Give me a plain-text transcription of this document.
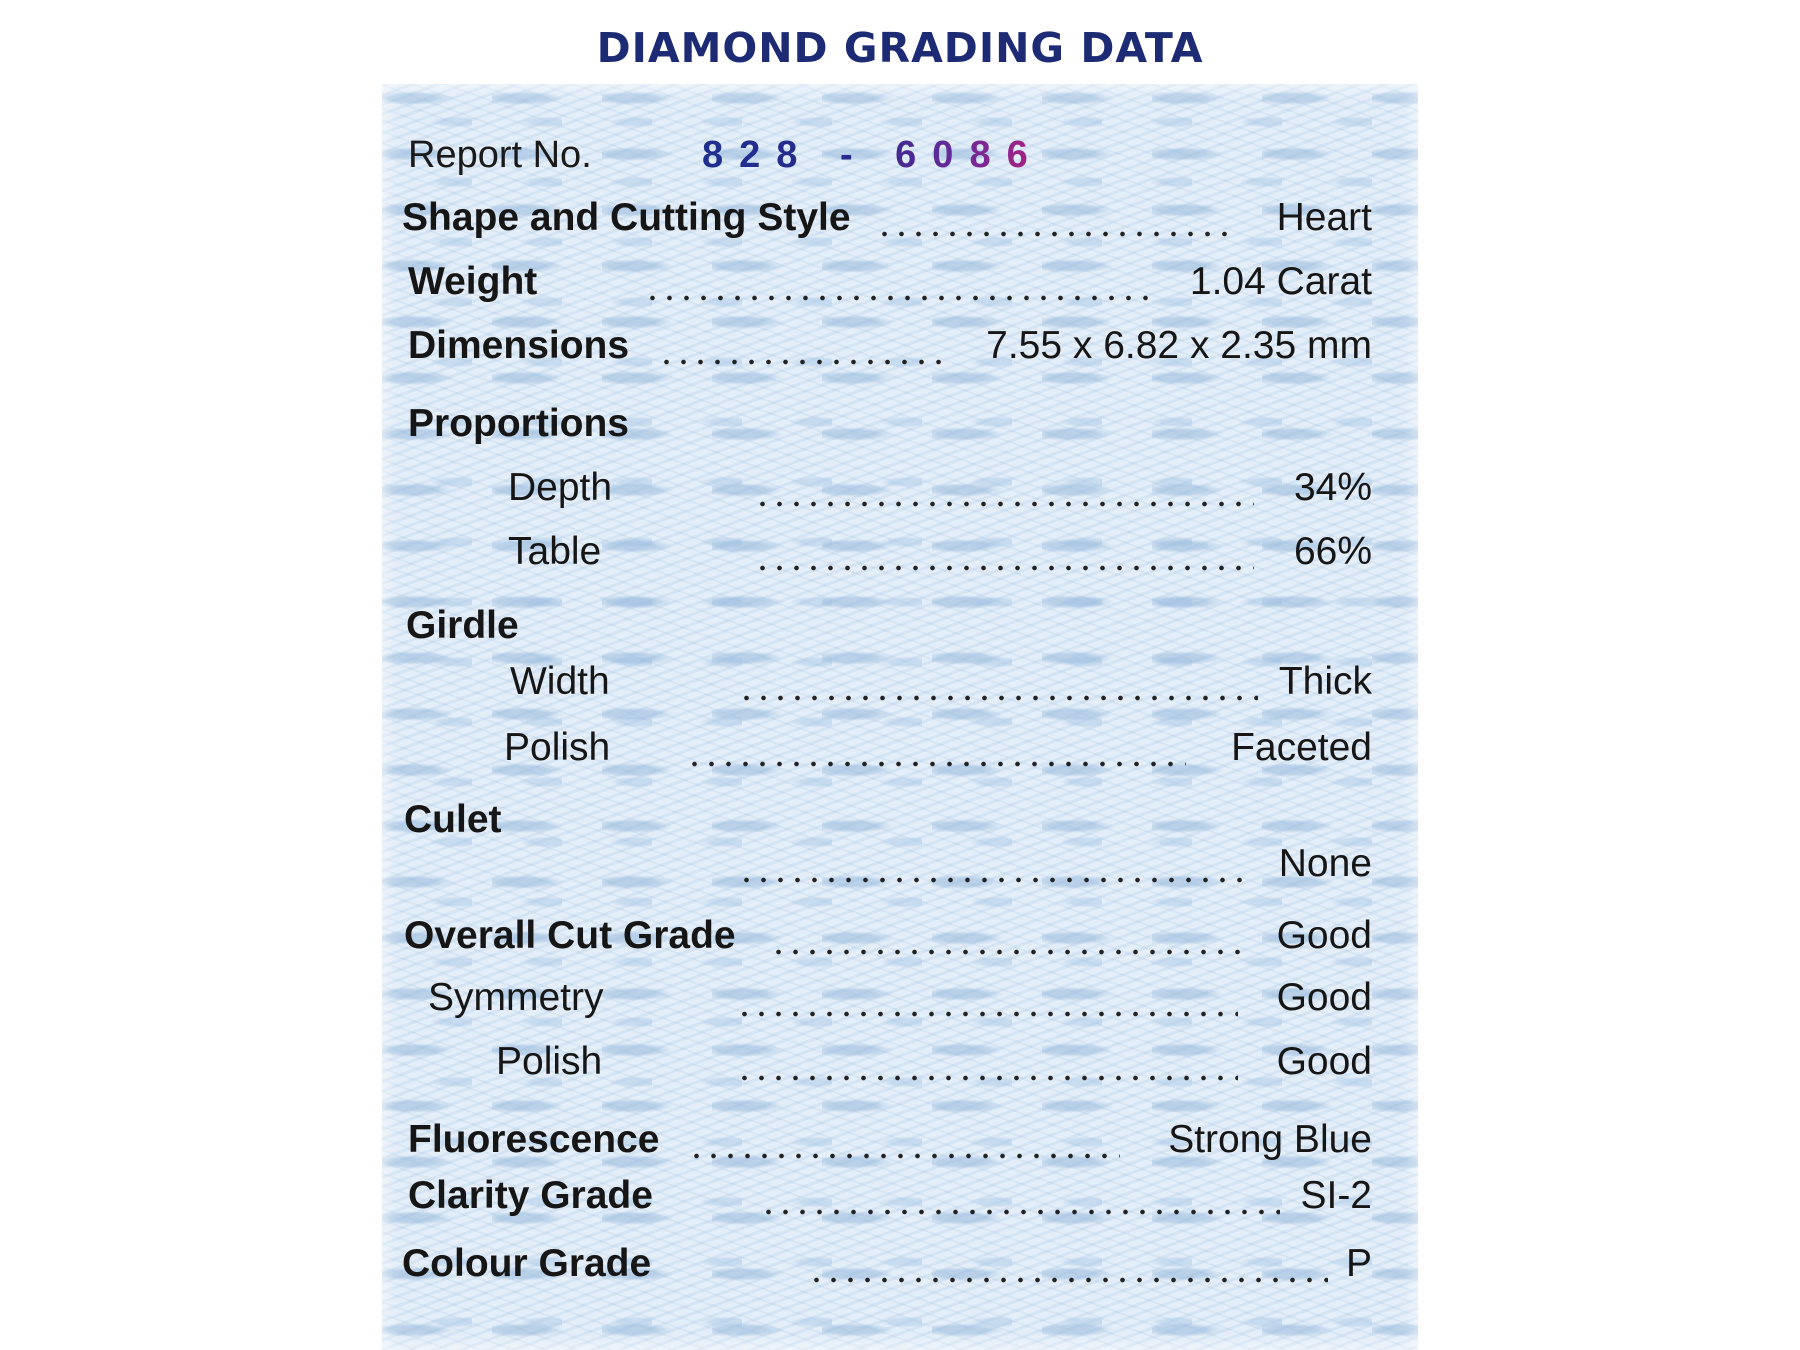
DIAMOND GRADING DATA
Report No.	828 - 6086
Shape and Cutting Style	Heart
Weight	1.04 Carat
Dimensions	7.55 x 6.82 x 2.35 mm
Proportions
Depth	34%
Table	66%
Girdle
Width	Thick
Polish	Faceted
Culet
None
Overall Cut Grade	Good
Symmetry	Good
Polish	Good
Fluorescence	Strong Blue
Clarity Grade	SI-2
Colour Grade	P
